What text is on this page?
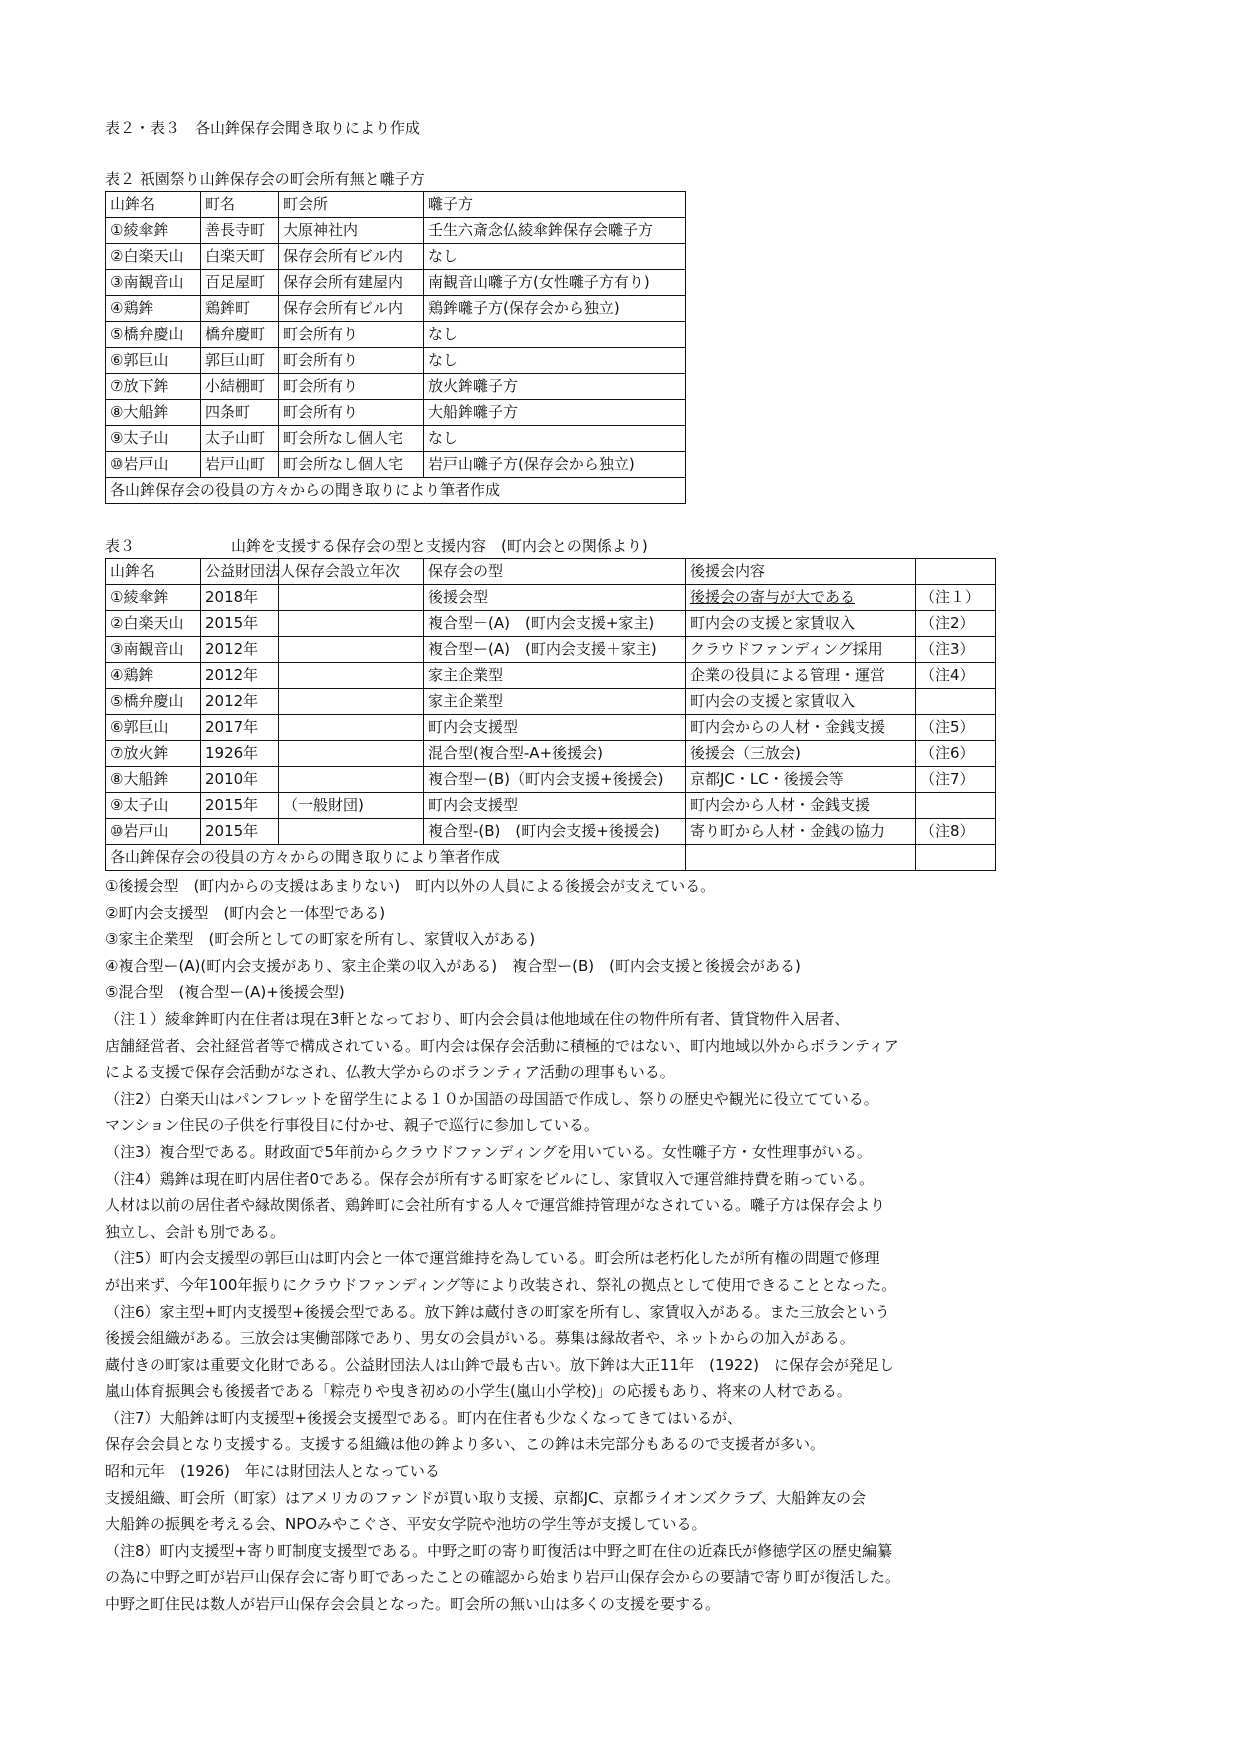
表２・表３　各山鉾保存会聞き取りにより作成
表２ 祇園祭り山鉾保存会の町会所有無と囃子方
山鉾名	町名	町会所	囃子方
①綾傘鉾	善長寺町	大原神社内	壬生六斎念仏綾傘鉾保存会囃子方
②白楽天山	白楽天町	保存会所有ビル内	なし
③南観音山	百足屋町	保存会所有建屋内	南観音山囃子方(女性囃子方有り)
④鶏鉾	鶏鉾町	保存会所有ビル内	鶏鉾囃子方(保存会から独立)
⑤橋弁慶山	橋弁慶町	町会所有り	なし
⑥郭巨山	郭巨山町	町会所有り	なし
⑦放下鉾	小結棚町	町会所有り	放火鉾囃子方
⑧大船鉾	四条町	町会所有り	大船鉾囃子方
⑨太子山	太子山町	町会所なし個人宅	なし
⑩岩戸山	岩戸山町	町会所なし個人宅	岩戸山囃子方(保存会から独立)
各山鉾保存会の役員の方々からの聞き取りにより筆者作成			
表３	山鉾を支援する保存会の型と支援内容　(町内会との関係より)
山鉾名	公益財団法人保存会設立年次		保存会の型	後援会内容	
①綾傘鉾	2018年		後援会型	後援会の寄与が大である	（注１）
②白楽天山	2015年		複合型－(A)　(町内会支援+家主)	町内会の支援と家賃収入	（注2）
③南観音山	2012年		複合型ー(A)　(町内会支援＋家主)	クラウドファンディング採用	（注3）
④鶏鉾	2012年		家主企業型	企業の役員による管理・運営	（注4）
⑤橋弁慶山	2012年		家主企業型	町内会の支援と家賃収入	
⑥郭巨山	2017年		町内会支援型	町内会からの人材・金銭支援	（注5）
⑦放火鉾	1926年		混合型(複合型-A+後援会)	後援会（三放会)	（注6）
⑧大船鉾	2010年		複合型ー(B)（町内会支援+後援会)	京都JC・LC・後援会等	（注7）
⑨太子山	2015年	（一般財団)	町内会支援型	町内会から人材・金銭支援	
⑩岩戸山	2015年		複合型-(B)　(町内会支援+後援会)	寄り町から人材・金銭の協力	（注8）
各山鉾保存会の役員の方々からの聞き取りにより筆者作成					
①後援会型　(町内からの支援はあまりない)　町内以外の人員による後援会が支えている。
②町内会支援型　(町内会と一体型である)
③家主企業型　(町会所としての町家を所有し、家賃収入がある)
④複合型ー(A)(町内会支援があり、家主企業の収入がある)　複合型ー(B)　(町内会支援と後援会がある)
⑤混合型　(複合型ー(A)+後援会型)
（注１）綾傘鉾町内在住者は現在3軒となっており、町内会会員は他地域在住の物件所有者、賃貸物件入居者、
店舗経営者、会社経営者等で構成されている。町内会は保存会活動に積極的ではない、町内地域以外からボランティア
による支援で保存会活動がなされ、仏教大学からのボランティア活動の理事もいる。
（注2）白楽天山はパンフレットを留学生による１０か国語の母国語で作成し、祭りの歴史や観光に役立てている。
マンション住民の子供を行事役目に付かせ、親子で巡行に参加している。
（注3）複合型である。財政面で5年前からクラウドファンディングを用いている。女性囃子方・女性理事がいる。
（注4）鶏鉾は現在町内居住者0である。保存会が所有する町家をビルにし、家賃収入で運営維持費を賄っている。
人材は以前の居住者や縁故関係者、鶏鉾町に会社所有する人々で運営維持管理がなされている。囃子方は保存会より
独立し、会計も別である。
（注5）町内会支援型の郭巨山は町内会と一体で運営維持を為している。町会所は老朽化したが所有権の問題で修理
が出来ず、今年100年振りにクラウドファンディング等により改装され、祭礼の拠点として使用できることとなった。
（注6）家主型+町内支援型+後援会型である。放下鉾は蔵付きの町家を所有し、家賃収入がある。また三放会という
後援会組織がある。三放会は実働部隊であり、男女の会員がいる。募集は縁故者や、ネットからの加入がある。
蔵付きの町家は重要文化財である。公益財団法人は山鉾で最も古い。放下鉾は大正11年　(1922)　に保存会が発足し
嵐山体育振興会も後援者である「粽売りや曳き初めの小学生(嵐山小学校)」の応援もあり、将来の人材である。
（注7）大船鉾は町内支援型+後援会支援型である。町内在住者も少なくなってきてはいるが、
保存会会員となり支援する。支援する組織は他の鉾より多い、この鉾は未完部分もあるので支援者が多い。
昭和元年　(1926)　年には財団法人となっている
支援組織、町会所（町家）はアメリカのファンドが買い取り支援、京都JC、京都ライオンズクラブ、大船鉾友の会
大船鉾の振興を考える会、NPOみやこぐさ、平安女学院や池坊の学生等が支援している。
（注8）町内支援型+寄り町制度支援型である。中野之町の寄り町復活は中野之町在住の近森氏が修徳学区の歴史編纂
の為に中野之町が岩戸山保存会に寄り町であったことの確認から始まり岩戸山保存会からの要請で寄り町が復活した。
中野之町住民は数人が岩戸山保存会会員となった。町会所の無い山は多くの支援を要する。
